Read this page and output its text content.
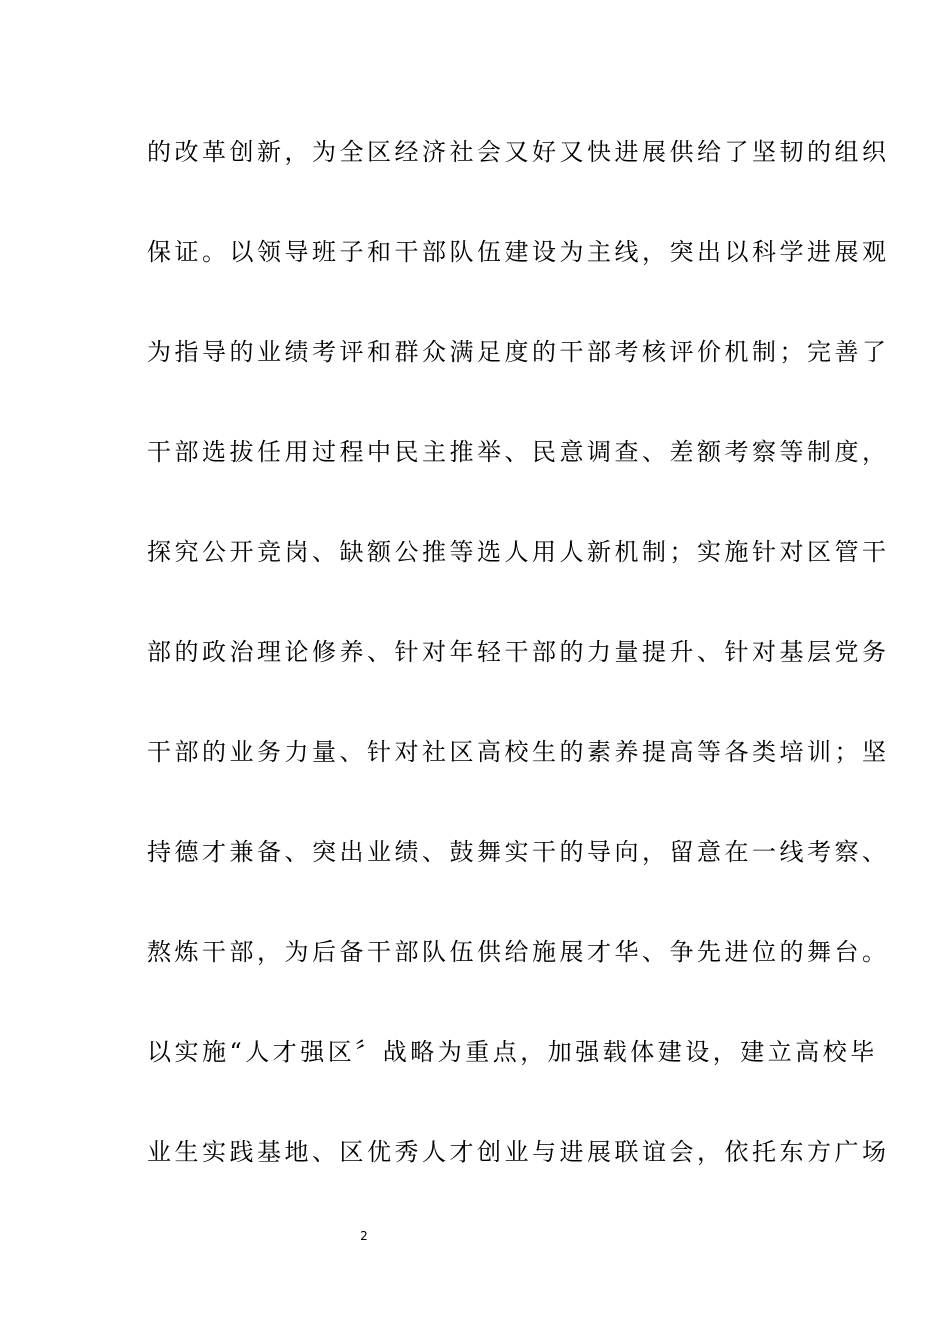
的改革创新，为全区经济社会又好又快进展供给了坚韧的组织
保证。以领导班子和干部队伍建设为主线，突出以科学进展观
为指导的业绩考评和群众满足度的干部考核评价机制；完善了
干部选拔任用过程中民主推举、民意调查、差额考察等制度，
探究公开竞岗、缺额公推等选人用人新机制；实施针对区管干
部的政治理论修养、针对年轻干部的力量提升、针对基层党务
干部的业务力量、针对社区高校生的素养提高等各类培训；坚
持德才兼备、突出业绩、鼓舞实干的导向，留意在一线考察、
熬炼干部，为后备干部队伍供给施展才华、争先进位的舞台。
以实施“人才强区〞战略为重点，加强载体建设，建立高校毕
业生实践基地、区优秀人才创业与进展联谊会，依托东方广场
2
